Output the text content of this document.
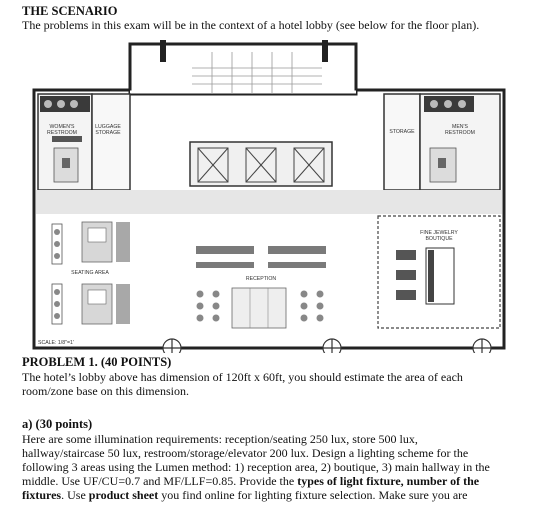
THE SCENARIO
The problems in this exam will be in the context of a hotel lobby (see below for the floor plan).
WOMEN'S
RESTROOM
LUGGAGE
STORAGE	STORAGE
MEN'S
RESTROOM
SEATING AREA
RECEPTION
FINE JEWELRY
BOUTIQUE
SCALE: 1/8"=1'
PROBLEM 1. (40 POINTS)
The hotel’s lobby above has dimension of 120ft x 60ft, you should estimate the area of each
room/zone base on this dimension.
a) (30 points)
Here are some illumination requirements: reception/seating 250 lux, store 500 lux,
hallway/staircase 50 lux, restroom/storage/elevator 200 lux. Design a lighting scheme for the
following 3 areas using the Lumen method: 1) reception area, 2) boutique, 3) main hallway in the
middle. Use UF/CU=0.7 and MF/LLF=0.85. Provide the types of light fixture, number of the
fixtures. Use product sheet you find online for lighting fixture selection. Make sure you are
